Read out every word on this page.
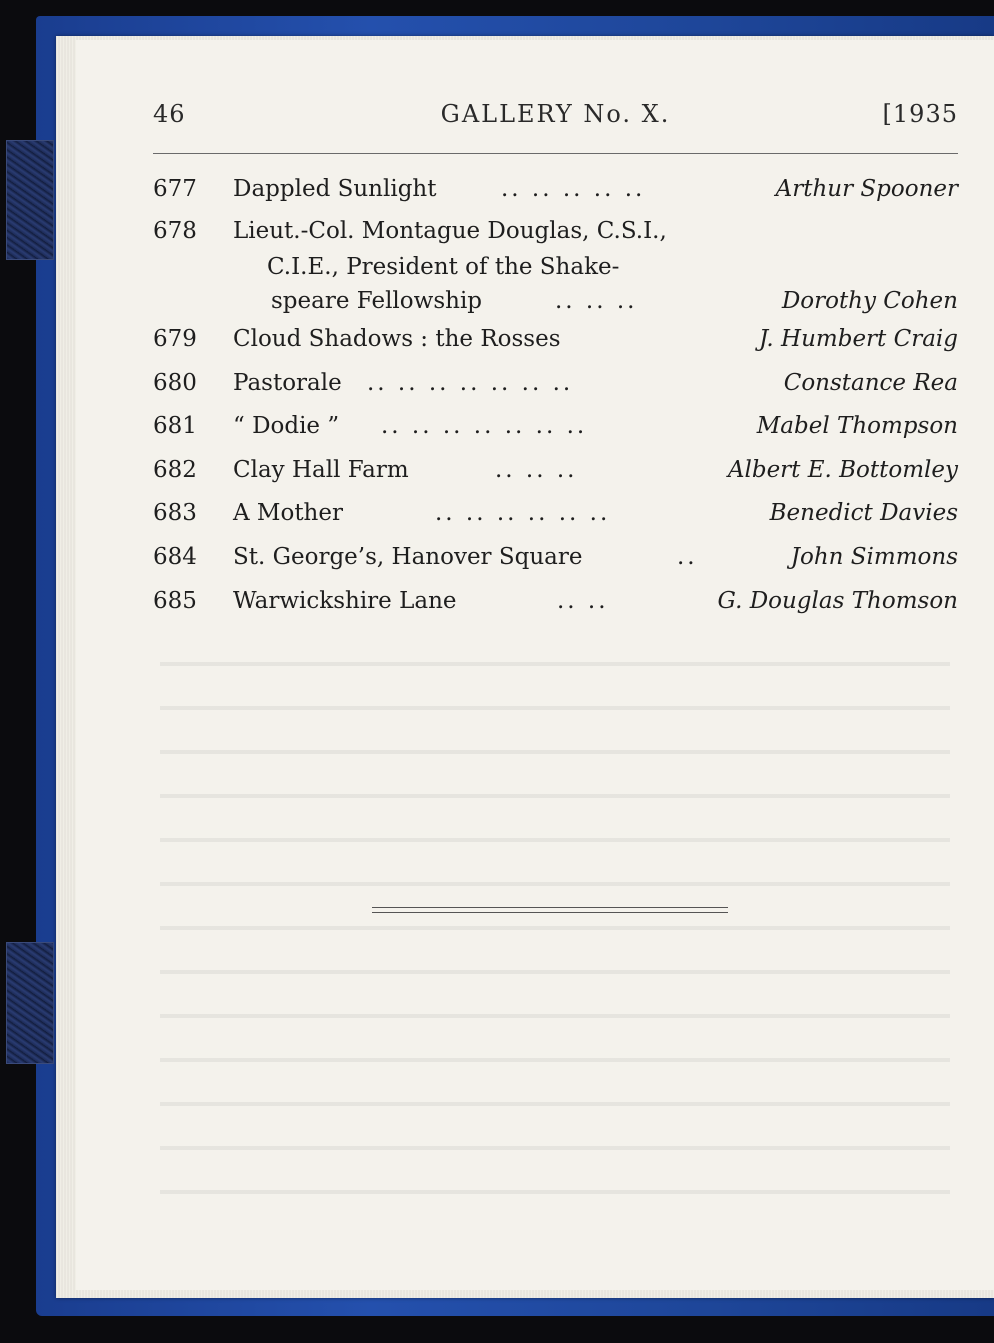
46	GALLERY No. X.	[1935
677 Dappled Sunlight	.. .. .. .. ..	Arthur Spooner
678 Lieut.-Col. Montague Douglas, C.S.I.,
C.I.E., President of the Shake-
speare Fellowship	.. .. ..	Dorothy Cohen
679 Cloud Shadows : the Rosses	J. Humbert Craig
680 Pastorale .. .. .. .. .. .. ..	Constance Rea
681 “ Dodie ” .. .. .. .. .. .. ..	Mabel Thompson
682 Clay Hall Farm	.. .. ..	Albert E. Bottomley
683 A Mother	.. .. .. .. .. ..	Benedict Davies
684 St. George’s, Hanover Square	..	John Simmons
685 Warwickshire Lane	.. ..	G. Douglas Thomson
